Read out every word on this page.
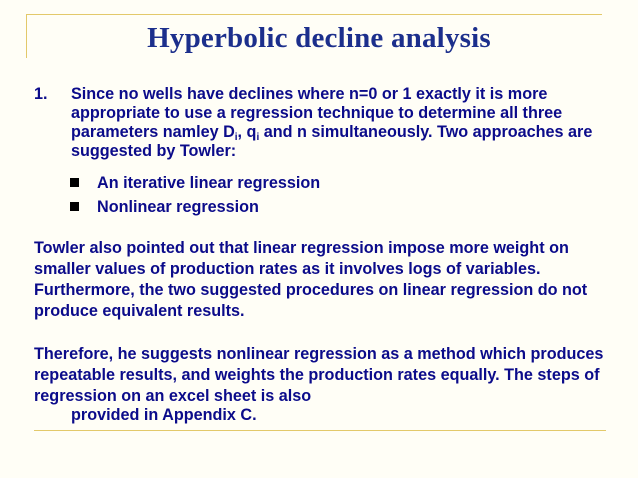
Hyperbolic decline analysis
1. Since no wells have declines where n=0 or 1 exactly it is more appropriate to use a regression technique to determine all three parameters namley $D_i$, $q_i$ and n simultaneously. Two approaches are suggested by Towler:
An iterative linear regression
Nonlinear regression
Towler also pointed out that linear regression impose more weight on smaller values of production rates as it involves logs of variables. Furthermore, the two suggested procedures on linear regression do not produce equivalent results.
Therefore, he suggests nonlinear regression as a method which produces repeatable results, and weights the production rates equally. The steps of regression on an excel sheet is also
provided in Appendix C.
